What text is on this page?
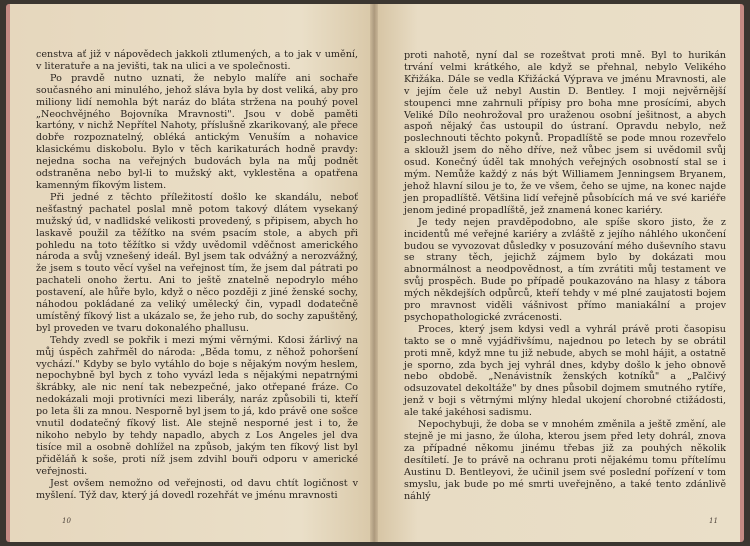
censtva ať již v nápovědech jakkoli ztlumených, a to jak v umění, v literatuře a na jevišti, tak na ulici a ve společnosti.

Po pravdě nutno uznati, že nebylo malíře ani sochaře současného ani minulého, jehož sláva byla by dost veliká, aby pro miliony lidí nemohla být naráz do bláta stržena na pouhý povel „Neochvějného Bojovníka Mravnosti". Jsou v době paměti kartóny, v nichž Nepřítel Nahoty, příslušně zkarikovaný, ale přece dobře rozpoznatelný, obléká antickým Venuším a nohavice klasickému diskobolu. Bylo v těch karikaturách hodně pravdy: nejedna socha na veřejných budovách byla na můj podnět odstraněna nebo byl-li to mužský akt, vyklestěna a opatřena kamenným fíkovým listem.

Při jedné z těchto příležitostí došlo ke skandálu, neboť nešťastný pachatel poslal mně potom takový dlátem vysekaný mužský úd, v nadlidské velikosti provedený, s připisem, abych ho laskavě použil za těžítko na svém psacím stole, a abych při pohledu na toto těžítko si vždy uvědomil vděčnost amerického národa a svůj vznešený ideál. Byl jsem tak odvážný a nerozvážný, že jsem s touto věcí vyšel na veřejnost tím, že jsem dal pátrati po pachateli onoho žertu. Ani to ještě znatelně nepodrylo mého postavení, ale hůře bylo, když o něco později z jiné ženské sochy, náhodou pokládané za veliký umělecký čin, vypadl dodatečně umístěný fíkový list a ukázalo se, že jeho rub, do sochy zapuštěný, byl proveden ve tvaru dokonalého phallusu.

Tehdy zvedl se pokřik i mezi mými věrnými. Kdosi žárlivý na můj úspěch zahřměl do národa: „Běda tomu, z něhož pohoršení vychází." Kdyby se bylo vytáhlo do boje s nějakým novým heslem, nepochybně byl bych z toho vyvázl leda s nějakými nepatrnými škrábky, ale nic není tak nebezpečné, jako otřepané fráze. Co nedokázali moji protivníci mezi liberály, naráz způsobili ti, kteří po leta šli za mnou. Nesporně byl jsem to já, kdo právě one sošce vnutil dodatečný fíkový list. Ale stejně nesporné jest i to, že nikoho nebylo by tehdy napadlo, abych z Los Angeles jel dva tisíce mil a osobně dohlížel na způsob, jakým ten fíkový list byl přiděláň k soše, proti níž jsem zdvihl bouři odporu v americké veřejnosti.

Jest ovšem nemožno od veřejnosti, od davu chtít logičnost v myšlení. Týž dav, který já dovedl rozehřát ve jménu mravnosti

10

proti nahotě, nyní dal se rozeštvat proti mně. Byl to hurikán trvání velmi krátkého, ale když se přehnal, nebylo Velikého Křižáka. Dále se vedla Křižácká Výprava ve jménu Mravnosti, ale v jejím čele už nebyl Austin D. Bentley. I moji nejvěrnější stoupenci mne zahrnuli přípisy pro boha mne prosícími, abych Veliké Dílo neohrožoval pro uraženou osobní ješitnost, a abych aspoň nějaký čas ustoupil do ústraní. Opravdu nebylo, než poslechnouti těchto pokynů. Propadlíště se pode mnou rozevřelo a skloužl jsem do něho dříve, než vůbec jsem si uvědomil svůj osud. Konečný úděl tak mnohých veřejných osobností stal se i mým. Nemůže každý z nás být Williamem Jenningsem Bryanem, jehož hlavní silou je to, že ve všem, čeho se ujme, na konec najde jen propadlíště. Většina lidí veřejně působících má ve své kariéře jenom jediné propadlíště, jež znamená konec kariéry.

Je tedy nejen pravděpodobno, ale spíše skoro jisto, že z incidentů mé veřejné kariéry a zvláště z jejího náhlého ukončení budou se vyvozovat důsledky v posuzování mého duševního stavu se strany těch, jejichž zájmem bylo by dokázati mou abnormálnost a neodpovědnost, a tím zvrátiti můj testament ve svůj prospěch. Bude po případě poukazováno na hlasy z tábora mých někdejších odpůrců, kteří tehdy v mé plné zaujatosti bojem pro mravnost viděli vášnivost přímo maniakální a projev psychopathologické zvrácenosti.

Proces, který jsem kdysi vedl a vyhrál právě proti časopisu takto se o mně vyjádřivšímu, najednou po letech by se obrátil proti mně, když mne tu již nebude, abych se mohl hájit, a ostatně je sporno, zda bych jej vyhrál dnes, kdyby došlo k jeho obnově nebo obdobě. „Nenávistník ženských kotníků" a „Palčivý odsuzovatel dekoltáže" by dnes působil dojmem smutného rytíře, jenž v boji s větrnými mlýny hledal ukojení chorobné ctižádosti, ale také jakéhosi sadismu.

Nepochybuji, že doba se v mnohém změnila a ještě změní, ale stejně je mi jasno, že úloha, kterou jsem před lety dohrál, znova za případné někomu jinému třebas již za pouhých několik desítiletí. Je to právě na ochranu proti nějakému tomu přítelímu Austinu D. Bentleyovi, že učinil jsem své poslední pořízení v tom smyslu, jak bude po mé smrti uveřejněno, a také tento zdánlivě náhlý

11
